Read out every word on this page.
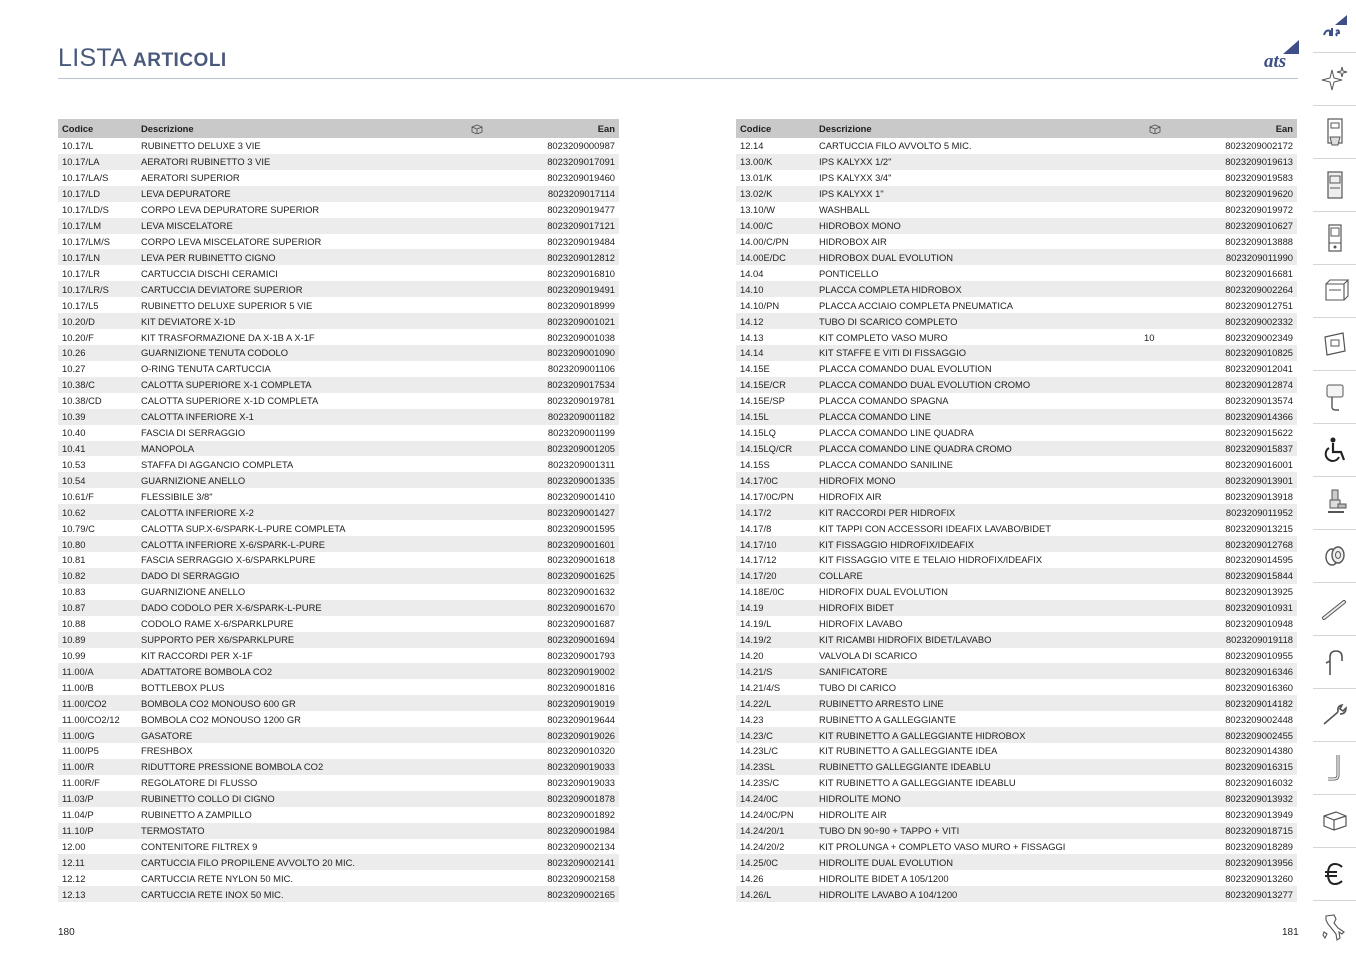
LISTA ARTICOLI	ats
Codice	Descrizione		Ean
10.17/L	RUBINETTO DELUXE 3 VIE		8023209000987
10.17/LA	AERATORI RUBINETTO 3 VIE		8023209017091
10.17/LA/S	AERATORI SUPERIOR		8023209019460
10.17/LD	LEVA DEPURATORE		8023209017114
10.17/LD/S	CORPO LEVA DEPURATORE SUPERIOR		8023209019477
10.17/LM	LEVA MISCELATORE		8023209017121
10.17/LM/S	CORPO LEVA MISCELATORE SUPERIOR		8023209019484
10.17/LN	LEVA PER RUBINETTO CIGNO		8023209012812
10.17/LR	CARTUCCIA DISCHI CERAMICI		8023209016810
10.17/LR/S	CARTUCCIA DEVIATORE SUPERIOR		8023209019491
10.17/L5	RUBINETTO DELUXE SUPERIOR 5 VIE		8023209018999
10.20/D	KIT DEVIATORE X-1D		8023209001021
10.20/F	KIT TRASFORMAZIONE DA X-1B A X-1F		8023209001038
10.26	GUARNIZIONE TENUTA CODOLO		8023209001090
10.27	O-RING TENUTA CARTUCCIA		8023209001106
10.38/C	CALOTTA SUPERIORE X-1 COMPLETA		8023209017534
10.38/CD	CALOTTA SUPERIORE X-1D COMPLETA		8023209019781
10.39	CALOTTA INFERIORE X-1		8023209001182
10.40	FASCIA DI SERRAGGIO		8023209001199
10.41	MANOPOLA		8023209001205
10.53	STAFFA DI AGGANCIO COMPLETA		8023209001311
10.54	GUARNIZIONE ANELLO		8023209001335
10.61/F	FLESSIBILE 3/8"		8023209001410
10.62	CALOTTA INFERIORE X-2		8023209001427
10.79/C	CALOTTA SUP.X-6/SPARK-L-PURE COMPLETA		8023209001595
10.80	CALOTTA INFERIORE X-6/SPARK-L-PURE		8023209001601
10.81	FASCIA SERRAGGIO X-6/SPARKLPURE		8023209001618
10.82	DADO DI SERRAGGIO		8023209001625
10.83	GUARNIZIONE ANELLO		8023209001632
10.87	DADO CODOLO PER X-6/SPARK-L-PURE		8023209001670
10.88	CODOLO RAME X-6/SPARKLPURE		8023209001687
10.89	SUPPORTO PER X6/SPARKLPURE		8023209001694
10.99	KIT RACCORDI PER X-1F		8023209001793
11.00/A	ADATTATORE BOMBOLA CO2		8023209019002
11.00/B	BOTTLEBOX PLUS		8023209001816
11.00/CO2	BOMBOLA CO2 MONOUSO 600 GR		8023209019019
11.00/CO2/12	BOMBOLA CO2 MONOUSO 1200 GR		8023209019644
11.00/G	GASATORE		8023209019026
11.00/P5	FRESHBOX		8023209010320
11.00/R	RIDUTTORE PRESSIONE BOMBOLA CO2		8023209019033
11.00R/F	REGOLATORE DI FLUSSO		8023209019033
11.03/P	RUBINETTO COLLO DI CIGNO		8023209001878
11.04/P	RUBINETTO A ZAMPILLO		8023209001892
11.10/P	TERMOSTATO		8023209001984
12.00	CONTENITORE FILTREX 9		8023209002134
12.11	CARTUCCIA FILO PROPILENE AVVOLTO 20 MIC.		8023209002141
12.12	CARTUCCIA RETE NYLON 50 MIC.		8023209002158
12.13	CARTUCCIA RETE INOX 50 MIC.		8023209002165
Codice	Descrizione		Ean
12.14	CARTUCCIA FILO AVVOLTO 5 MIC.		8023209002172
13.00/K	IPS KALYXX 1/2"		8023209019613
13.01/K	IPS KALYXX 3/4"		8023209019583
13.02/K	IPS KALYXX 1"		8023209019620
13.10/W	WASHBALL		8023209019972
14.00/C	HIDROBOX MONO		8023209010627
14.00/C/PN	HIDROBOX AIR		8023209013888
14.00E/DC	HIDROBOX DUAL EVOLUTION		8023209011990
14.04	PONTICELLO		8023209016681
14.10	PLACCA COMPLETA HIDROBOX		8023209002264
14.10/PN	PLACCA ACCIAIO COMPLETA PNEUMATICA		8023209012751
14.12	TUBO DI SCARICO COMPLETO		8023209002332
14.13	KIT COMPLETO VASO MURO	10	8023209002349
14.14	KIT STAFFE E VITI DI FISSAGGIO		8023209010825
14.15E	PLACCA COMANDO DUAL EVOLUTION		8023209012041
14.15E/CR	PLACCA COMANDO DUAL EVOLUTION CROMO		8023209012874
14.15E/SP	PLACCA COMANDO SPAGNA		8023209013574
14.15L	PLACCA COMANDO LINE		8023209014366
14.15LQ	PLACCA COMANDO LINE QUADRA		8023209015622
14.15LQ/CR	PLACCA COMANDO LINE QUADRA CROMO		8023209015837
14.15S	PLACCA COMANDO SANILINE		8023209016001
14.17/0C	HIDROFIX MONO		8023209013901
14.17/0C/PN	HIDROFIX AIR		8023209013918
14.17/2	KIT RACCORDI PER HIDROFIX		8023209011952
14.17/8	KIT TAPPI CON ACCESSORI IDEAFIX LAVABO/BIDET		8023209013215
14.17/10	KIT FISSAGGIO HIDROFIX/IDEAFIX		8023209012768
14.17/12	KIT FISSAGGIO VITE E TELAIO HIDROFIX/IDEAFIX		8023209014595
14.17/20	COLLARE		8023209015844
14.18E/0C	HIDROFIX DUAL EVOLUTION		8023209013925
14.19	HIDROFIX BIDET		8023209010931
14.19/L	HIDROFIX LAVABO		8023209010948
14.19/2	KIT RICAMBI HIDROFIX BIDET/LAVABO		8023209019118
14.20	VALVOLA DI SCARICO		8023209010955
14.21/S	SANIFICATORE		8023209016346
14.21/4/S	TUBO DI CARICO		8023209016360
14.22/L	RUBINETTO ARRESTO LINE		8023209014182
14.23	RUBINETTO A GALLEGGIANTE		8023209002448
14.23/C	KIT RUBINETTO A GALLEGGIANTE HIDROBOX		8023209002455
14.23L/C	KIT RUBINETTO A GALLEGGIANTE IDEA		8023209014380
14.23SL	RUBINETTO GALLEGGIANTE IDEABLU		8023209016315
14.23S/C	KIT RUBINETTO A GALLEGGIANTE IDEABLU		8023209016032
14.24/0C	HIDROLITE MONO		8023209013932
14.24/0C/PN	HIDROLITE AIR		8023209013949
14.24/20/1	TUBO DN 90÷90 + TAPPO + VITI		8023209018715
14.24/20/2	KIT PROLUNGA + COMPLETO VASO MURO + FISSAGGI		8023209018289
14.25/0C	HIDROLITE DUAL EVOLUTION		8023209013956
14.26	HIDROLITE BIDET A 105/1200		8023209013260
14.26/L	HIDROLITE LAVABO A 104/1200		8023209013277
180	181
